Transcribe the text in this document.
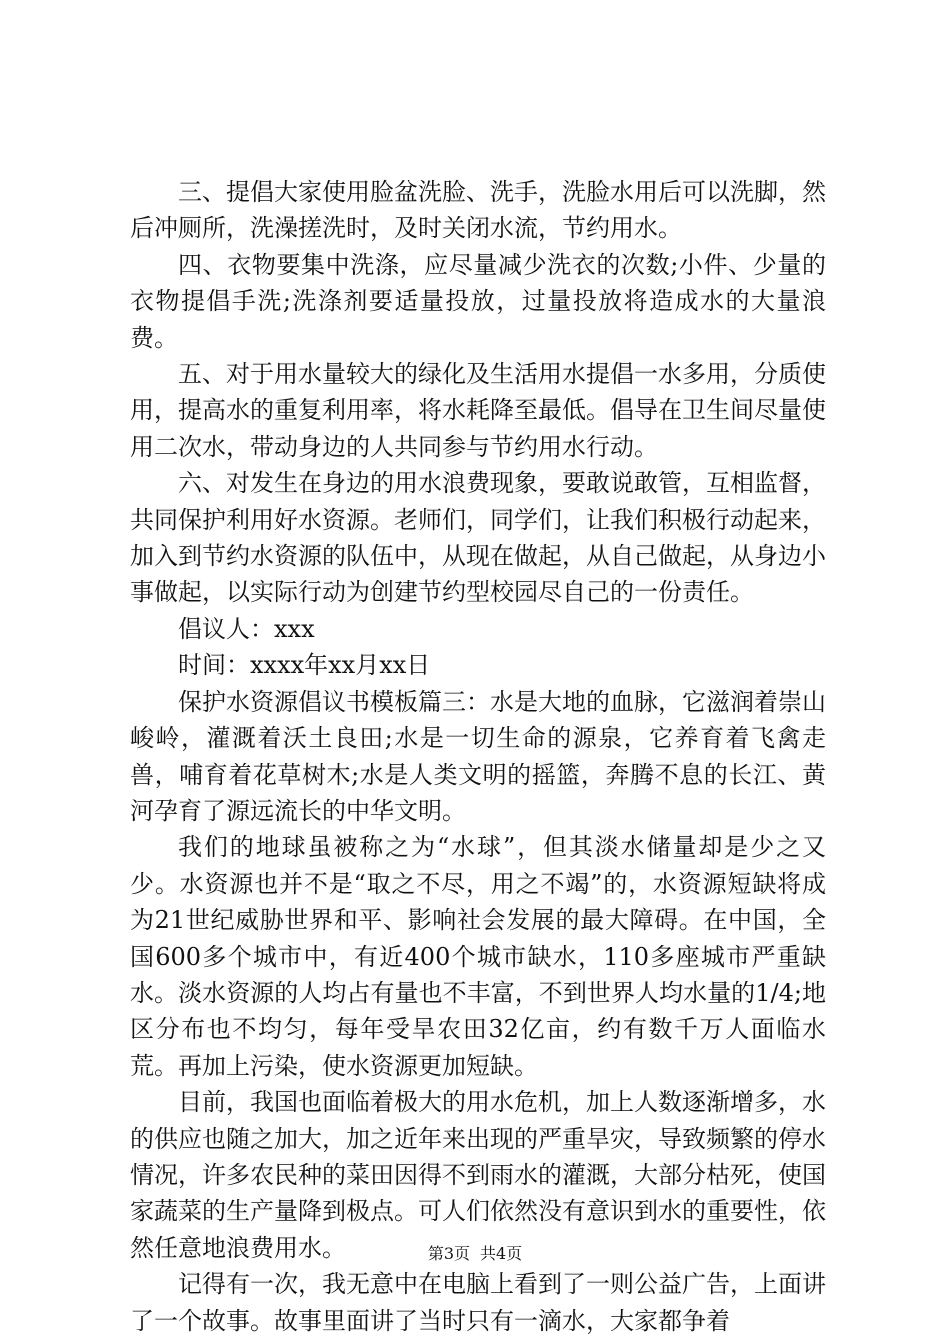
三、提倡大家使用脸盆洗脸、洗手，洗脸水用后可以洗脚，然后冲厕所，洗澡搓洗时，及时关闭水流，节约用水。

四、衣物要集中洗涤，应尽量减少洗衣的次数;小件、少量的衣物提倡手洗;洗涤剂要适量投放，过量投放将造成水的大量浪费。

五、对于用水量较大的绿化及生活用水提倡一水多用，分质使用，提高水的重复利用率，将水耗降至最低。倡导在卫生间尽量使用二次水，带动身边的人共同参与节约用水行动。

六、对发生在身边的用水浪费现象，要敢说敢管，互相监督，共同保护利用好水资源。老师们，同学们，让我们积极行动起来，加入到节约水资源的队伍中，从现在做起，从自己做起，从身边小事做起，以实际行动为创建节约型校园尽自己的一份责任。

倡议人：xxx

时间：xxxx年xx月xx日

保护水资源倡议书模板篇三：水是大地的血脉，它滋润着崇山峻岭，灌溉着沃土良田;水是一切生命的源泉，它养育着飞禽走兽，哺育着花草树木;水是人类文明的摇篮，奔腾不息的长江、黄河孕育了源远流长的中华文明。

我们的地球虽被称之为“水球”，但其淡水储量却是少之又少。水资源也并不是“取之不尽，用之不竭”的，水资源短缺将成为21世纪威胁世界和平、影响社会发展的最大障碍。在中国，全国600多个城市中，有近400个城市缺水，110多座城市严重缺水。淡水资源的人均占有量也不丰富，不到世界人均水量的1/4;地区分布也不均匀，每年受旱农田32亿亩，约有数千万人面临水荒。再加上污染，使水资源更加短缺。

目前，我国也面临着极大的用水危机，加上人数逐渐增多，水的供应也随之加大，加之近年来出现的严重旱灾，导致频繁的停水情况，许多农民种的菜田因得不到雨水的灌溉，大部分枯死，使国家蔬菜的生产量降到极点。可人们依然没有意识到水的重要性，依然任意地浪费用水。

记得有一次，我无意中在电脑上看到了一则公益广告，上面讲了一个故事。故事里面讲了当时只有一滴水，大家都争着

第3页 共4页
